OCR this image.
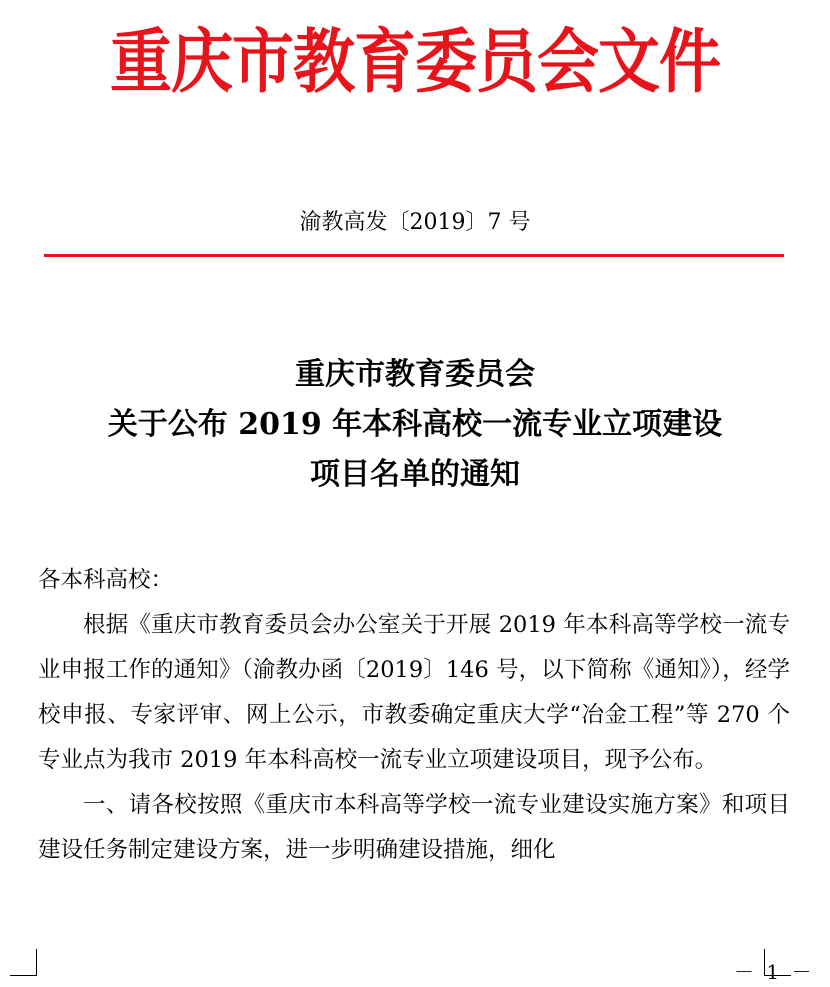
重庆市教育委员会文件
渝教高发〔2019〕7 号
重庆市教育委员会
关于公布 2019 年本科高校一流专业立项建设
项目名单的通知

各本科高校：

根据《重庆市教育委员会办公室关于开展 2019 年本科高等学校一流专业申报工作的通知》（渝教办函〔2019〕146 号，以下简称《通知》），经学校申报、专家评审、网上公示，市教委确定重庆大学“冶金工程”等 270 个专业点为我市 2019 年本科高校一流专业立项建设项目，现予公布。

一、请各校按照《重庆市本科高等学校一流专业建设实施方案》和项目建设任务制定建设方案，进一步明确建设措施，细化

－ 1 －
